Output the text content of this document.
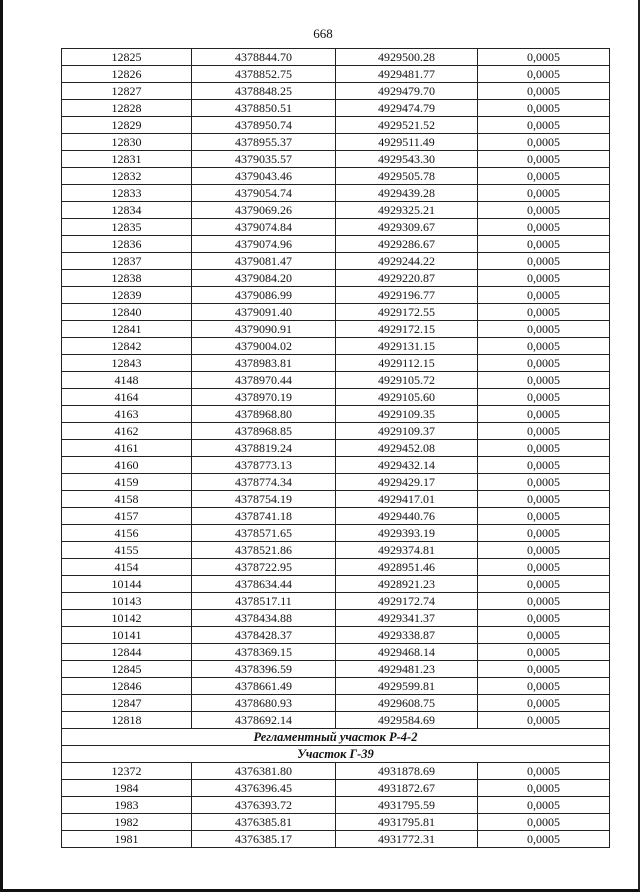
668
12825	4378844.70	4929500.28	0,0005
12826	4378852.75	4929481.77	0,0005
12827	4378848.25	4929479.70	0,0005
12828	4378850.51	4929474.79	0,0005
12829	4378950.74	4929521.52	0,0005
12830	4378955.37	4929511.49	0,0005
12831	4379035.57	4929543.30	0,0005
12832	4379043.46	4929505.78	0,0005
12833	4379054.74	4929439.28	0,0005
12834	4379069.26	4929325.21	0,0005
12835	4379074.84	4929309.67	0,0005
12836	4379074.96	4929286.67	0,0005
12837	4379081.47	4929244.22	0,0005
12838	4379084.20	4929220.87	0,0005
12839	4379086.99	4929196.77	0,0005
12840	4379091.40	4929172.55	0,0005
12841	4379090.91	4929172.15	0,0005
12842	4379004.02	4929131.15	0,0005
12843	4378983.81	4929112.15	0,0005
4148	4378970.44	4929105.72	0,0005
4164	4378970.19	4929105.60	0,0005
4163	4378968.80	4929109.35	0,0005
4162	4378968.85	4929109.37	0,0005
4161	4378819.24	4929452.08	0,0005
4160	4378773.13	4929432.14	0,0005
4159	4378774.34	4929429.17	0,0005
4158	4378754.19	4929417.01	0,0005
4157	4378741.18	4929440.76	0,0005
4156	4378571.65	4929393.19	0,0005
4155	4378521.86	4929374.81	0,0005
4154	4378722.95	4928951.46	0,0005
10144	4378634.44	4928921.23	0,0005
10143	4378517.11	4929172.74	0,0005
10142	4378434.88	4929341.37	0,0005
10141	4378428.37	4929338.87	0,0005
12844	4378369.15	4929468.14	0,0005
12845	4378396.59	4929481.23	0,0005
12846	4378661.49	4929599.81	0,0005
12847	4378680.93	4929608.75	0,0005
12818	4378692.14	4929584.69	0,0005
Регламентный участок Р-4-2			
Участок Г-39			
12372	4376381.80	4931878.69	0,0005
1984	4376396.45	4931872.67	0,0005
1983	4376393.72	4931795.59	0,0005
1982	4376385.81	4931795.81	0,0005
1981	4376385.17	4931772.31	0,0005
